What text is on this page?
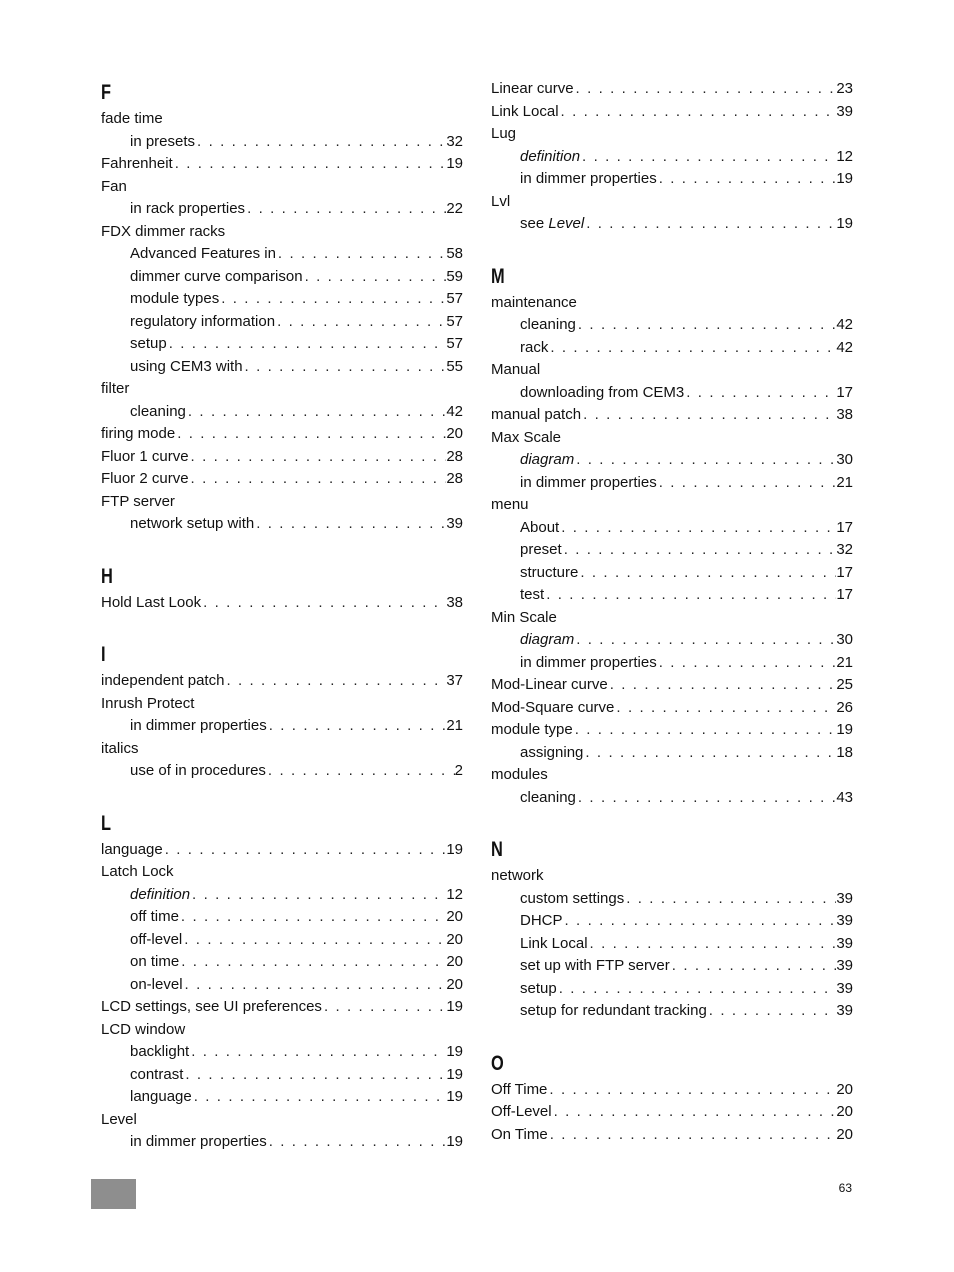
F
fade time
in presets . . .	32
Fahrenheit . . .	19
Fan
in rack properties . . .	22
FDX dimmer racks
Advanced Features in . . .	58
dimmer curve comparison . . .	59
module types . . .	57
regulatory information . . .	57
setup . . .	57
using CEM3 with . . .	55
filter
cleaning . . .	42
firing mode . . .	20
Fluor 1 curve . . .	28
Fluor 2 curve . . .	28
FTP server
network setup with . . .	39
H
Hold Last Look . . .	38
I
independent patch . . .	37
Inrush Protect
in dimmer properties . . .	21
italics
use of in procedures . . .	2
L
language . . .	19
Latch Lock
definition . . .	12
off time . . .	20
off-level . . .	20
on time . . .	20
on-level . . .	20
LCD settings, see UI preferences . . .	19
LCD window
backlight . . .	19
contrast . . .	19
language . . .	19
Level
in dimmer properties . . .	19
Linear curve . . .	23
Link Local . . .	39
Lug
definition . . .	12
in dimmer properties . . .	19
Lvl
see Level . . .	19
M
maintenance
cleaning . . .	42
rack . . .	42
Manual
downloading from CEM3 . . .	17
manual patch . . .	38
Max Scale
diagram . . .	30
in dimmer properties . . .	21
menu
About . . .	17
preset . . .	32
structure . . .	17
test . . .	17
Min Scale
diagram . . .	30
in dimmer properties . . .	21
Mod-Linear curve . . .	25
Mod-Square curve . . .	26
module type . . .	19
assigning . . .	18
modules
cleaning . . .	43
N
network
custom settings . . .	39
DHCP . . .	39
Link Local . . .	39
set up with FTP server . . .	39
setup . . .	39
setup for redundant tracking . . .	39
O
Off Time . . .	20
Off-Level . . .	20
On Time . . .	20
63
